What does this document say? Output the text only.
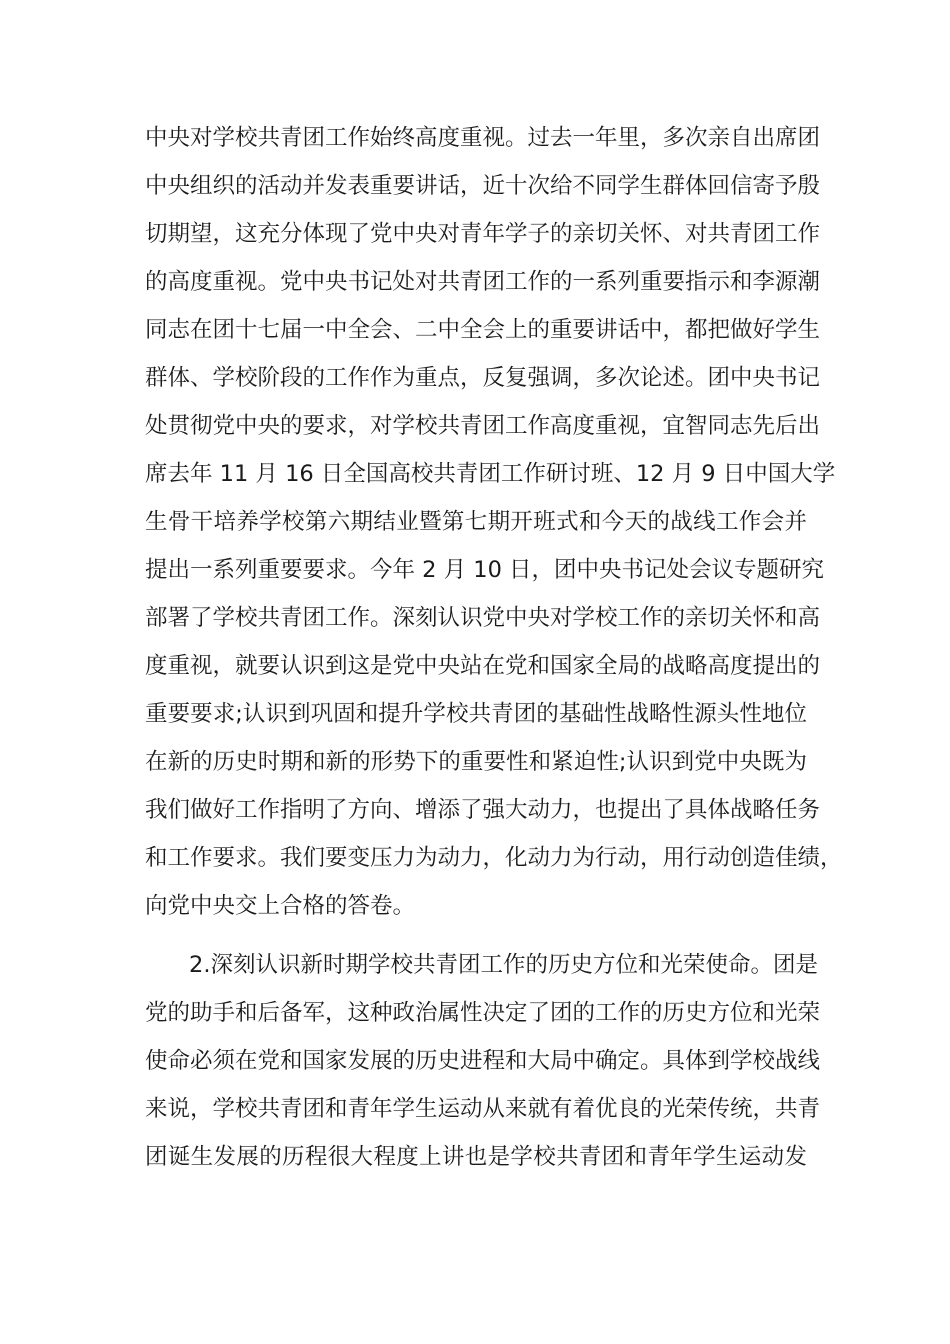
中央对学校共青团工作始终高度重视。过去一年里，多次亲自出席团
中央组织的活动并发表重要讲话，近十次给不同学生群体回信寄予殷
切期望，这充分体现了党中央对青年学子的亲切关怀、对共青团工作
的高度重视。党中央书记处对共青团工作的一系列重要指示和李源潮
同志在团十七届一中全会、二中全会上的重要讲话中，都把做好学生
群体、学校阶段的工作作为重点，反复强调，多次论述。团中央书记
处贯彻党中央的要求，对学校共青团工作高度重视，宜智同志先后出
席去年 11 月 16 日全国高校共青团工作研讨班、12 月 9 日中国大学
生骨干培养学校第六期结业暨第七期开班式和今天的战线工作会并
提出一系列重要要求。今年 2 月 10 日，团中央书记处会议专题研究
部署了学校共青团工作。深刻认识党中央对学校工作的亲切关怀和高
度重视，就要认识到这是党中央站在党和国家全局的战略高度提出的
重要要求;认识到巩固和提升学校共青团的基础性战略性源头性地位
在新的历史时期和新的形势下的重要性和紧迫性;认识到党中央既为
我们做好工作指明了方向、增添了强大动力，也提出了具体战略任务
和工作要求。我们要变压力为动力，化动力为行动，用行动创造佳绩，
向党中央交上合格的答卷。
2.深刻认识新时期学校共青团工作的历史方位和光荣使命。团是
党的助手和后备军，这种政治属性决定了团的工作的历史方位和光荣
使命必须在党和国家发展的历史进程和大局中确定。具体到学校战线
来说，学校共青团和青年学生运动从来就有着优良的光荣传统，共青
团诞生发展的历程很大程度上讲也是学校共青团和青年学生运动发
